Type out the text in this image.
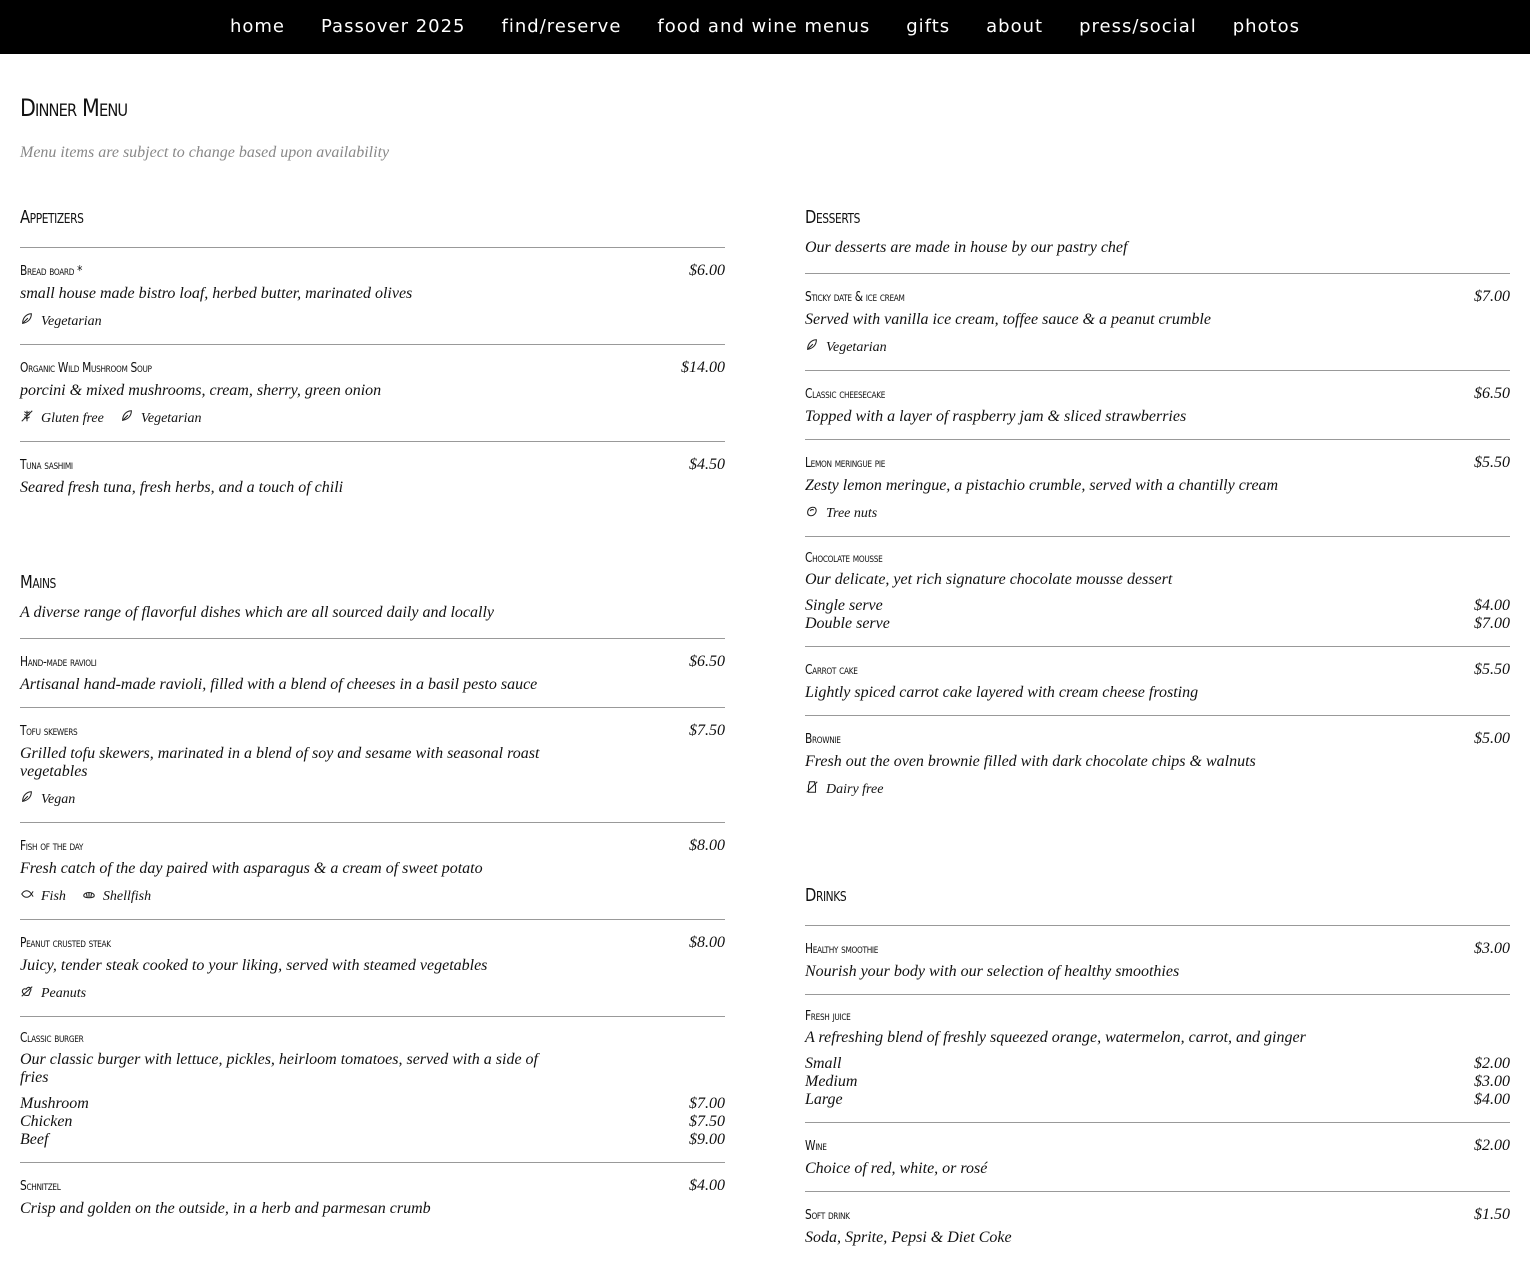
home Passover 2025 find/reserve food and wine menus gifts about press/social photos
Dinner Menu
Menu items are subject to change based upon availability
Appetizers
Bread board *	$6.00
small house made bistro loaf, herbed butter, marinated olives
Vegetarian
Organic Wild Mushroom Soup	$14.00
porcini & mixed mushrooms, cream, sherry, green onion
Gluten free	Vegetarian
Tuna sashimi	$4.50
Seared fresh tuna, fresh herbs, and a touch of chili
Mains
A diverse range of flavorful dishes which are all sourced daily and locally
Hand-made ravioli	$6.50
Artisanal hand-made ravioli, filled with a blend of cheeses in a basil pesto sauce
Tofu skewers	$7.50
Grilled tofu skewers, marinated in a blend of soy and sesame with seasonal roast vegetables
Vegan
Fish of the day	$8.00
Fresh catch of the day paired with asparagus & a cream of sweet potato
Fish	Shellfish
Peanut crusted steak	$8.00
Juicy, tender steak cooked to your liking, served with steamed vegetables
Peanuts
Classic burger
Our classic burger with lettuce, pickles, heirloom tomatoes, served with a side of fries
Mushroom	$7.00
Chicken	$7.50
Beef	$9.00
Schnitzel	$4.00
Crisp and golden on the outside, in a herb and parmesan crumb
Desserts
Our desserts are made in house by our pastry chef
Sticky date & ice cream	$7.00
Served with vanilla ice cream, toffee sauce & a peanut crumble
Vegetarian
Classic cheesecake	$6.50
Topped with a layer of raspberry jam & sliced strawberries
Lemon meringue pie	$5.50
Zesty lemon meringue, a pistachio crumble, served with a chantilly cream
Tree nuts
Chocolate mousse
Our delicate, yet rich signature chocolate mousse dessert
Single serve	$4.00
Double serve	$7.00
Carrot cake	$5.50
Lightly spiced carrot cake layered with cream cheese frosting
Brownie	$5.00
Fresh out the oven brownie filled with dark chocolate chips & walnuts
Dairy free
Drinks
Healthy smoothie	$3.00
Nourish your body with our selection of healthy smoothies
Fresh juice
A refreshing blend of freshly squeezed orange, watermelon, carrot, and ginger
Small	$2.00
Medium	$3.00
Large	$4.00
Wine	$2.00
Choice of red, white, or rosé
Soft drink	$1.50
Soda, Sprite, Pepsi & Diet Coke
